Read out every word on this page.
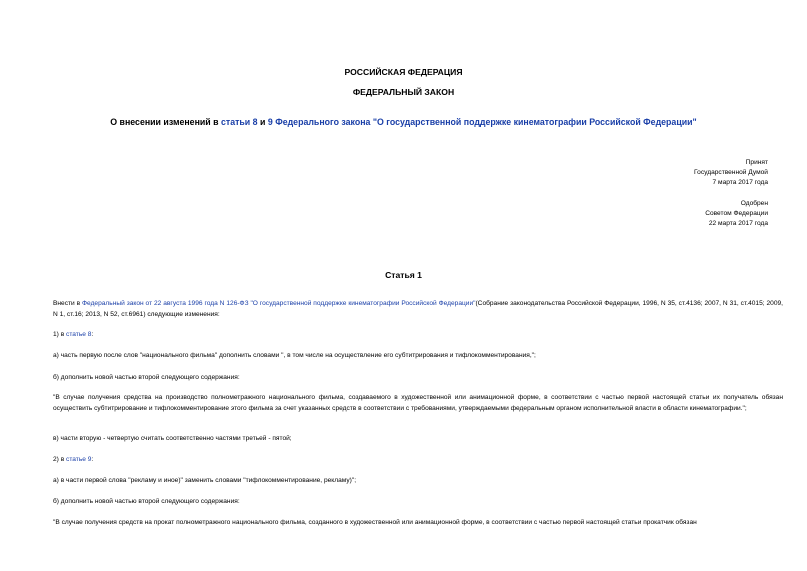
РОССИЙСКАЯ ФЕДЕРАЦИЯ
ФЕДЕРАЛЬНЫЙ ЗАКОН
О внесении изменений в статьи 8 и 9 Федерального закона "О государственной поддержке кинематографии Российской Федерации"
Принят
Государственной Думой
7 марта 2017 года
Одобрен
Советом Федерации
22 марта 2017 года
Статья 1
Внести в Федеральный закон от 22 августа 1996 года N 126-ФЗ "О государственной поддержке кинематографии Российской Федерации"(Собрание законодательства Российской Федерации, 1996, N 35, ст.4136; 2007, N 31, ст.4015; 2009, N 1, ст.16; 2013, N 52, ст.6961) следующие изменения:
1) в статье 8:
а) часть первую после слов "национального фильма" дополнить словами ", в том числе на осуществление его субтитрирования и тифлокомментирования,";
б) дополнить новой частью второй следующего содержания:
"В случае получения средства на производство полнометражного национального фильма, создаваемого в художественной или анимационной форме, в соответствии с частью первой настоящей статьи их получатель обязан осуществить субтитрирование и тифлокомментирование этого фильма за счет указанных средств в соответствии с требованиями, утверждаемыми федеральным органом исполнительной власти в области кинематографии.";
в) части вторую - четвертую считать соответственно частями третьей - пятой;
2) в статье 9:
а) в части первой слова "рекламу и иное)" заменить словами "тифлокомментирование, рекламу)";
б) дополнить новой частью второй следующего содержания:
"В случае получения средств на прокат полнометражного национального фильма, созданного в художественной или анимационной форме, в соответствии с частью первой настоящей статьи прокатчик обязан
